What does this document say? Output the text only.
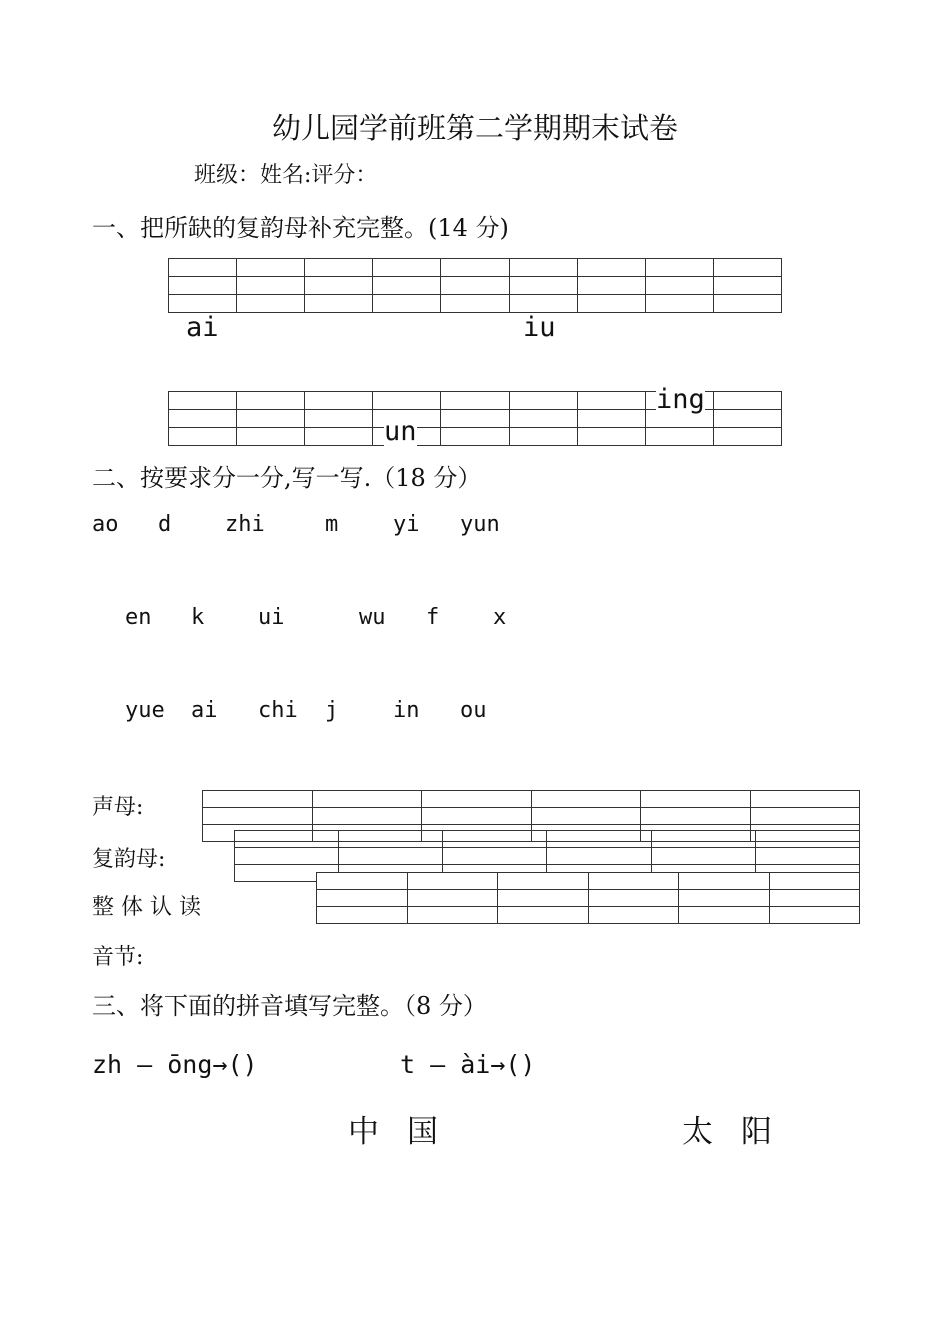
幼儿园学前班第二学期期末试卷
班级：姓名:评分：
一、把所缺的复韵母补充完整。(14 分)

ai	iu

ing
un
二、按要求分一分,写一写.（18 分）
ao d zhi	m yi yun
en k ui	wu f x
yue ai chi j in ou
声母:
复韵母:
整 体 认 读
音节:

三、将下面的拼音填写完整。（8 分）
zh — ōng→()	t — ài→()
中国	太阳
